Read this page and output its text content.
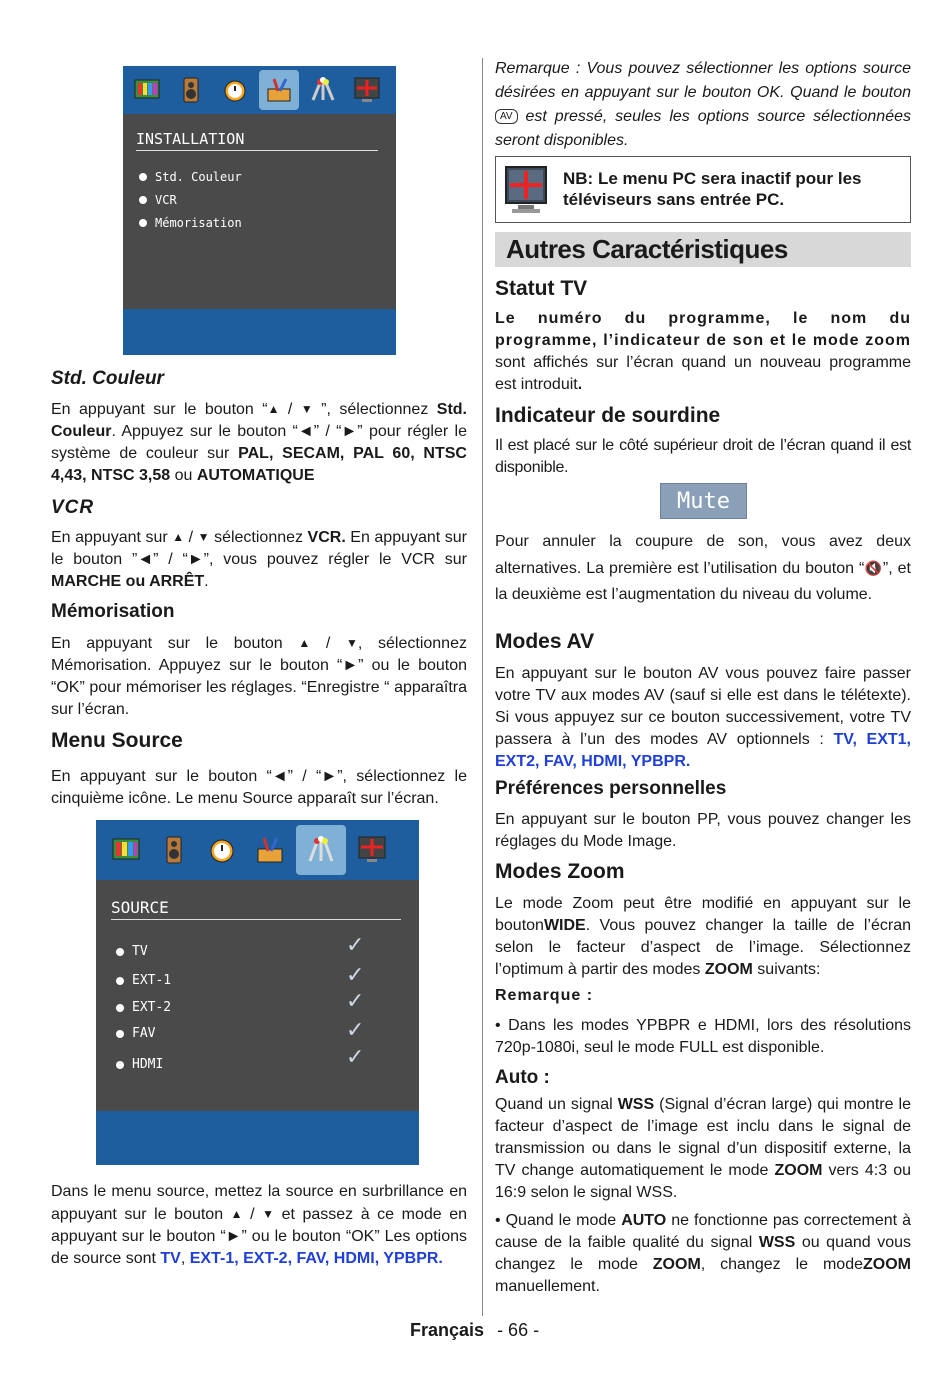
INSTALLATION
Std. Couleur
VCR
Mémorisation
Std. Couleur

En appuyant sur le bouton “▲ / ▼ ”, sélectionnez Std. Couleur. Appuyez sur le bouton “◄” / “►” pour régler le système de couleur sur PAL, SECAM, PAL 60, NTSC 4,43, NTSC 3,58 ou AUTOMATIQUE

VCR

En appuyant sur ▲ / ▼ sélectionnez VCR. En appuyant sur le bouton ”◄” / “►”, vous pouvez régler le VCR sur MARCHE ou ARRÊT.

Mémorisation

En appuyant sur le bouton ▲ / ▼, sélectionnez Mémorisation. Appuyez sur le bouton “►” ou le bouton “OK” pour mémoriser les réglages. “Enregistre “ apparaîtra sur l’écran.

Menu Source

En appuyant sur le bouton “◄” / “►”, sélectionnez le cinquième icône. Le menu Source apparaît sur l’écran.

SOURCE
TV
EXT-1
EXT-2
FAV
HDMI
✓
✓
✓
✓
✓

Dans le menu source, mettez la source en surbrillance en appuyant sur le bouton ▲ / ▼ et passez à ce mode en appuyant sur le bouton “►” ou le bouton “OK” Les options de source sont TV, EXT-1, EXT-2, FAV, HDMI, YPBPR.

Remarque : Vous pouvez sélectionner les options source désirées en appuyant sur le bouton OK. Quand le bouton AV est pressé, seules les options source sélectionnées seront disponibles.

NB: Le menu PC sera inactif pour les téléviseurs sans entrée PC.
Autres Caractéristiques
Statut TV

Le numéro du programme, le nom du programme, l’indicateur de son et le mode zoom sont affichés sur l’écran quand un nouveau programme est introduit.

Indicateur de sourdine

Il est placé sur le côté supérieur droit de l’écran quand il est disponible.

Mute

Pour annuler la coupure de son, vous avez deux alternatives. La première est l’utilisation du bouton “🔇”, et la deuxième est l’augmentation du niveau du volume.

Modes AV

En appuyant sur le bouton AV vous pouvez faire passer votre TV aux modes AV (sauf si elle est dans le télétexte). Si vous appuyez sur ce bouton successivement, votre TV passera à l’un des modes AV optionnels : TV, EXT1, EXT2, FAV, HDMI, YPBPR.

Préférences personnelles

En appuyant sur le bouton PP, vous pouvez changer les réglages du Mode Image.

Modes Zoom

Le mode Zoom peut être modifié en appuyant sur le boutonWIDE. Vous pouvez changer la taille de l’écran selon le facteur d’aspect de l’image. Sélectionnez l’optimum à partir des modes ZOOM suivants:

Remarque :

• Dans les modes YPBPR e HDMI, lors des résolutions 720p-1080i, seul le mode FULL est disponible.

Auto :

Quand un signal WSS (Signal d’écran large) qui montre le facteur d’aspect de l’image est inclu dans le signal de transmission ou dans le signal d’un dispositif externe, la TV change automatiquement le mode ZOOM vers 4:3 ou 16:9 selon le signal WSS.

• Quand le mode AUTO ne fonctionne pas correctement à cause de la faible qualité du signal WSS ou quand vous changez le mode ZOOM, changez le modeZOOM manuellement.

Français - 66 -
